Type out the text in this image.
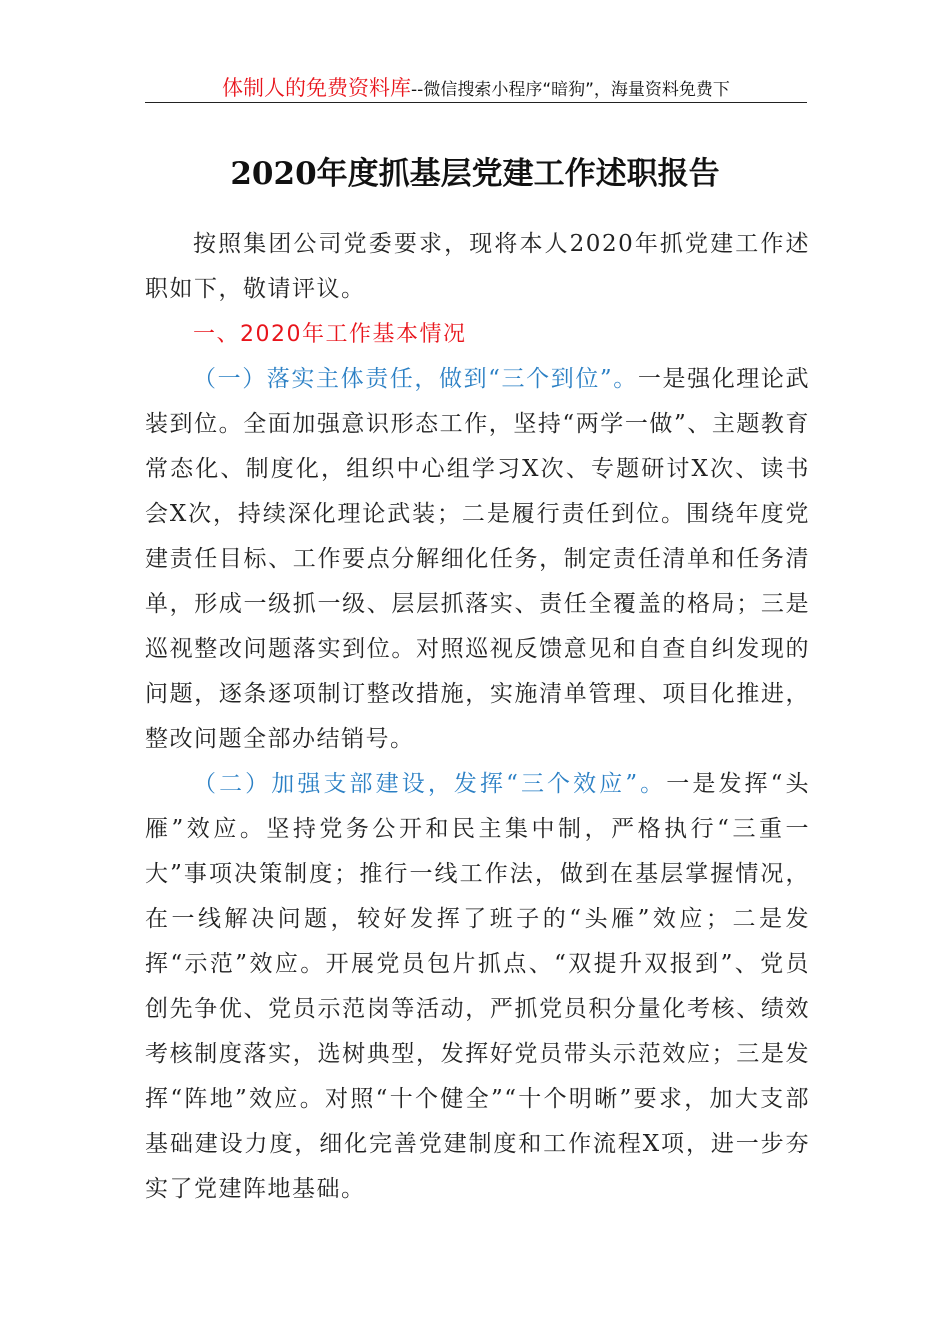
体制人的免费资料库--微信搜索小程序“暗狗”，海量资料免费下
2020年度抓基层党建工作述职报告

按照集团公司党委要求，现将本人2020年抓党建工作述职如下，敬请评议。

一、2020年工作基本情况

（一）落实主体责任，做到“三个到位”。一是强化理论武装到位。全面加强意识形态工作，坚持“两学一做”、主题教育常态化、制度化，组织中心组学习X次、专题研讨X次、读书会X次，持续深化理论武装；二是履行责任到位。围绕年度党建责任目标、工作要点分解细化任务，制定责任清单和任务清单，形成一级抓一级、层层抓落实、责任全覆盖的格局；三是巡视整改问题落实到位。对照巡视反馈意见和自查自纠发现的问题，逐条逐项制订整改措施，实施清单管理、项目化推进，整改问题全部办结销号。

（二）加强支部建设，发挥“三个效应”。一是发挥“头雁”效应。坚持党务公开和民主集中制，严格执行“三重一大”事项决策制度；推行一线工作法，做到在基层掌握情况，在一线解决问题，较好发挥了班子的“头雁”效应；二是发挥“示范”效应。开展党员包片抓点、“双提升双报到”、党员创先争优、党员示范岗等活动，严抓党员积分量化考核、绩效考核制度落实，选树典型，发挥好党员带头示范效应；三是发挥“阵地”效应。对照“十个健全”“十个明晰”要求，加大支部基础建设力度，细化完善党建制度和工作流程X项，进一步夯实了党建阵地基础。
